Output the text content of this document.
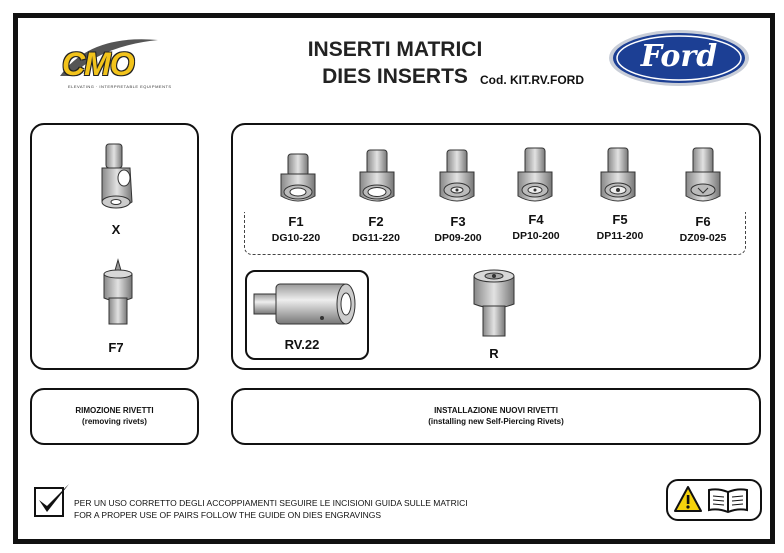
CMO
ELEVATING · INTERPRETABLE EQUIPMENTS
INSERTI MATRICI
DIES INSERTS	Cod. KIT.RV.FORD
Ford
X
F7
F1
DG10-220
F2
DG11-220
F3
DP09-200
F4
DP10-200
F5
DP11-200
F6
DZ09-025
RV.22
R
RIMOZIONE RIVETTI
(removing rivets)
INSTALLAZIONE NUOVI RIVETTI
(installing new Self-Piercing Rivets)
PER UN USO CORRETTO DEGLI ACCOPPIAMENTI SEGUIRE LE INCISIONI GUIDA SULLE MATRICI
FOR A PROPER USE OF PAIRS FOLLOW THE GUIDE ON DIES ENGRAVINGS
